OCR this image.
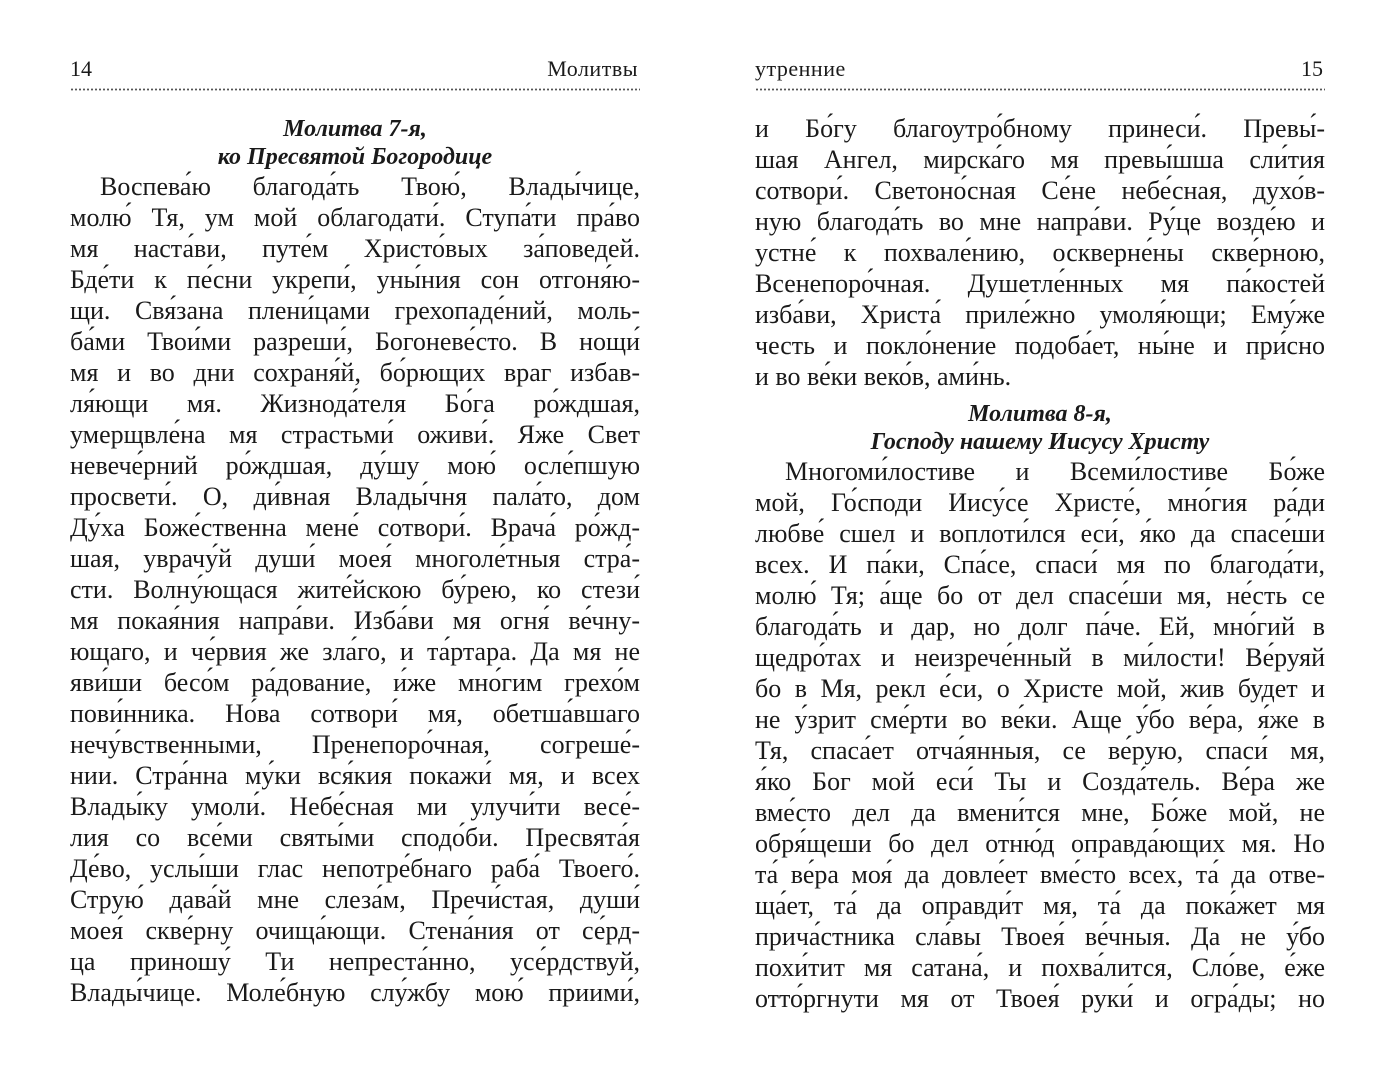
14	Молитвы
Молитва 7-я,
ко Пресвятой Богородице
Воспева́ю благода́ть Твою́, Влады́чице,
молю́ Тя, ум мой облагодати́. Ступа́ти пра́во
мя наста́ви, путе́м Христо́вых за́поведей.
Бде́ти к пе́сни укрепи́, уны́ния сон отгоня́ю-
щи. Свя́зана плени́цами грехопаде́ний, моль-
ба́ми Твои́ми разреши́, Богоневе́сто. В нощи́
мя и во дни сохраня́й, бо́рющих враг избав-
ля́ющи мя. Жизнода́теля Бо́га ро́ждшая,
умерщвле́на мя страстьми́ оживи́. Яже Свет
невече́рний ро́ждшая, ду́шу мою́ осле́пшую
просвети́. О, ди́вная Влады́чня пала́то, дом
Ду́ха Боже́ственна мене́ сотвори́. Врача́ ро́жд-
шая, уврачу́й души́ моея́ многоле́тныя стра́-
сти. Волну́ющася жите́йскою бу́рею, ко стези́
мя покая́ния напра́ви. Изба́ви мя огня́ ве́чну-
ющаго, и че́рвия же зла́го, и та́ртара. Да мя не
яви́ши бесо́м ра́дование, и́же мно́гим грехо́м
пови́нника. Но́ва сотвори́ мя, обетша́вшаго
нечу́вственными, Пренепоро́чная, согреше́-
нии. Стра́нна му́ки вся́кия покажи́ мя, и всех
Влады́ку умоли́. Небе́сная ми улучи́ти весе́-
лия со все́ми святы́ми сподо́би. Пресвята́я
Де́во, услы́ши глас непотре́бнаго раба́ Твоего́.
Струю́ дава́й мне слеза́м, Пречи́стая, души́
моея́ скве́рну очища́ющи. Стена́ния от се́рд-
ца приношу́ Ти непреста́нно, усе́рдствуй,
Влады́чице. Моле́бную слу́жбу мою́ приими́,
утренние	15
и Бо́гу благоутро́бному принеси́. Превы́-
шая Ангел, мирска́го мя превы́шша сли́тия
сотвори́. Светоно́сная Се́не небе́сная, духо́в-
ную благода́ть во мне напра́ви. Ру́це возде́ю и
устне́ к похвале́нию, оскверне́ны скве́рною,
Всенепоро́чная. Душетле́нных мя па́костей
изба́ви, Христа́ приле́жно умоля́ющи; Ему́же
честь и покло́нение подоба́ет, ны́не и при́сно
и во ве́ки веко́в, ами́нь.
Молитва 8-я,
Господу нашему Иисусу Христу
Многоми́лостиве и Всеми́лостиве Бо́же
мой, Го́споди Иису́се Христе́, мно́гия ра́ди
любве́ сшел и воплоти́лся еси́, я́ко да спасе́ши
всех. И па́ки, Спа́се, спаси́ мя по благода́ти,
молю́ Тя; а́ще бо от дел спасе́ши мя, не́сть се
благода́ть и дар, но долг па́че. Ей, мно́гий в
щедро́тах и неизрече́нный в ми́лости! Ве́руяй
бо в Мя, рекл е́си, о Христе мой, жив будет и
не у́зрит сме́рти во ве́ки. Аще у́бо ве́ра, я́же в
Тя, спаса́ет отча́янныя, се ве́рую, спаси́ мя,
я́ко Бог мой еси́ Ты и Созда́тель. Ве́ра же
вме́сто дел да вмени́тся мне, Бо́же мой, не
обря́щеши бо дел отню́д оправда́ющих мя. Но
та́ ве́ра моя́ да довле́ет вме́сто всех, та́ да отве-
ща́ет, та́ да оправди́т мя, та́ да пока́жет мя
прича́стника сла́вы Твоея́ ве́чныя. Да не у́бо
похи́тит мя сатана́, и похва́лится, Сло́ве, е́же
отто́ргнути мя от Твоея́ руки́ и огра́ды; но
